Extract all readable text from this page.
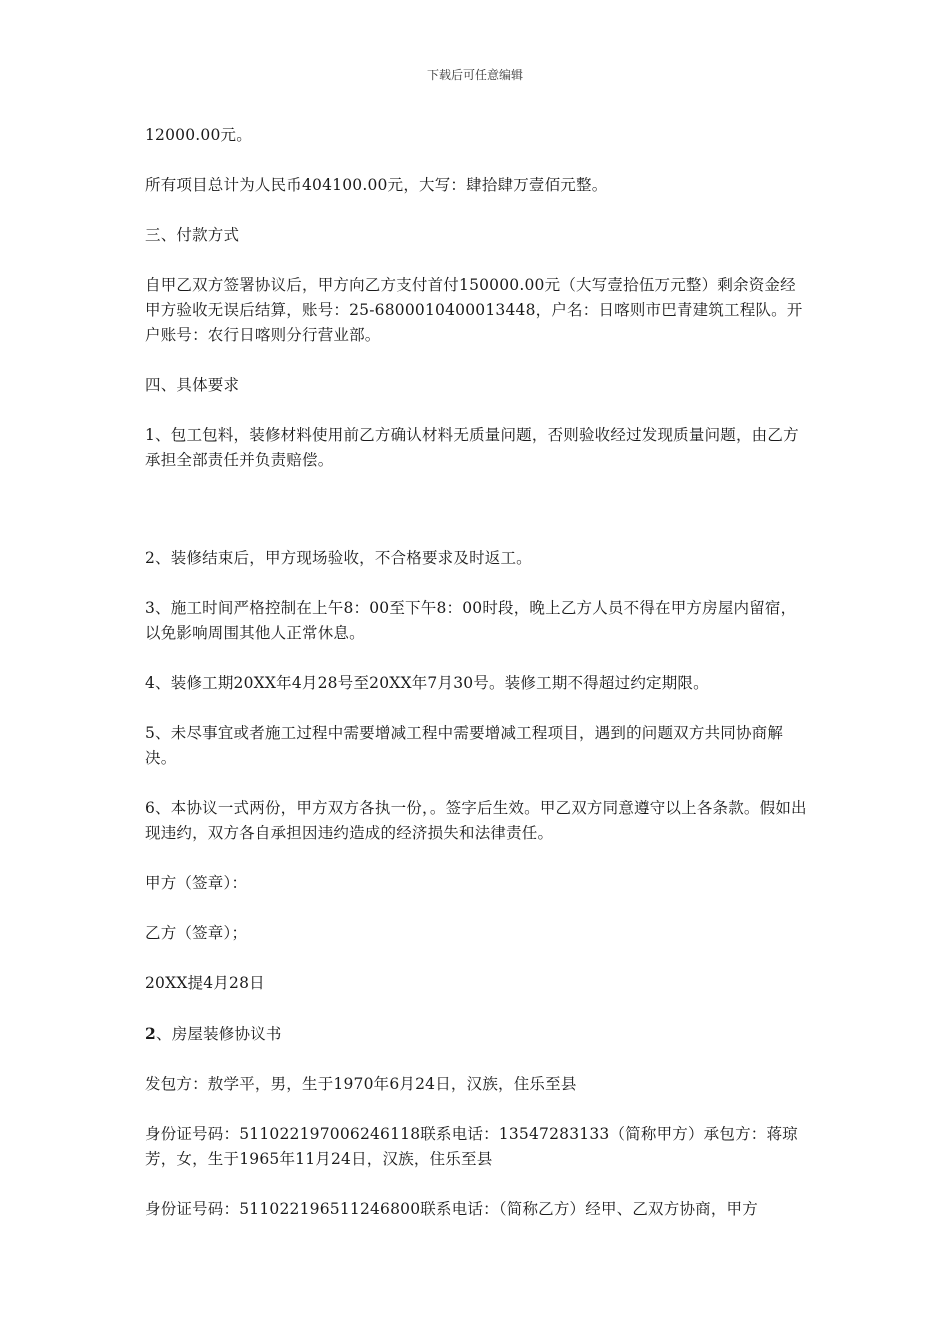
下载后可任意编辑

12000.00元。

所有项目总计为人民币404100.00元，大写：肆拾肆万壹佰元整。

三、付款方式

自甲乙双方签署协议后，甲方向乙方支付首付150000.00元（大写壹拾伍万元整）剩余资金经甲方验收无误后结算，账号：25-6800010400013448，户名：日喀则市巴青建筑工程队。开户账号：农行日喀则分行营业部。

四、具体要求

1、包工包料，装修材料使用前乙方确认材料无质量问题，否则验收经过发现质量问题，由乙方承担全部责任并负责赔偿。

2、装修结束后，甲方现场验收，不合格要求及时返工。

3、施工时间严格控制在上午8：00至下午8：00时段，晚上乙方人员不得在甲方房屋内留宿，以免影响周围其他人正常休息。

4、装修工期20XX年4月28号至20XX年7月30号。装修工期不得超过约定期限。

5、未尽事宜或者施工过程中需要增减工程中需要增减工程项目，遇到的问题双方共同协商解决。

6、本协议一式两份，甲方双方各执一份，。签字后生效。甲乙双方同意遵守以上各条款。假如出现违约，双方各自承担因违约造成的经济损失和法律责任。

甲方（签章）：

乙方（签章）；

20XX提4月28日

2、房屋装修协议书

发包方：敖学平，男，生于1970年6月24日，汉族，住乐至县

身份证号码：511022197006246118联系电话：13547283133（简称甲方）承包方：蒋琼芳，女，生于1965年11月24日，汉族，住乐至县

身份证号码：511022196511246800联系电话：（简称乙方）经甲、乙双方协商，甲方
